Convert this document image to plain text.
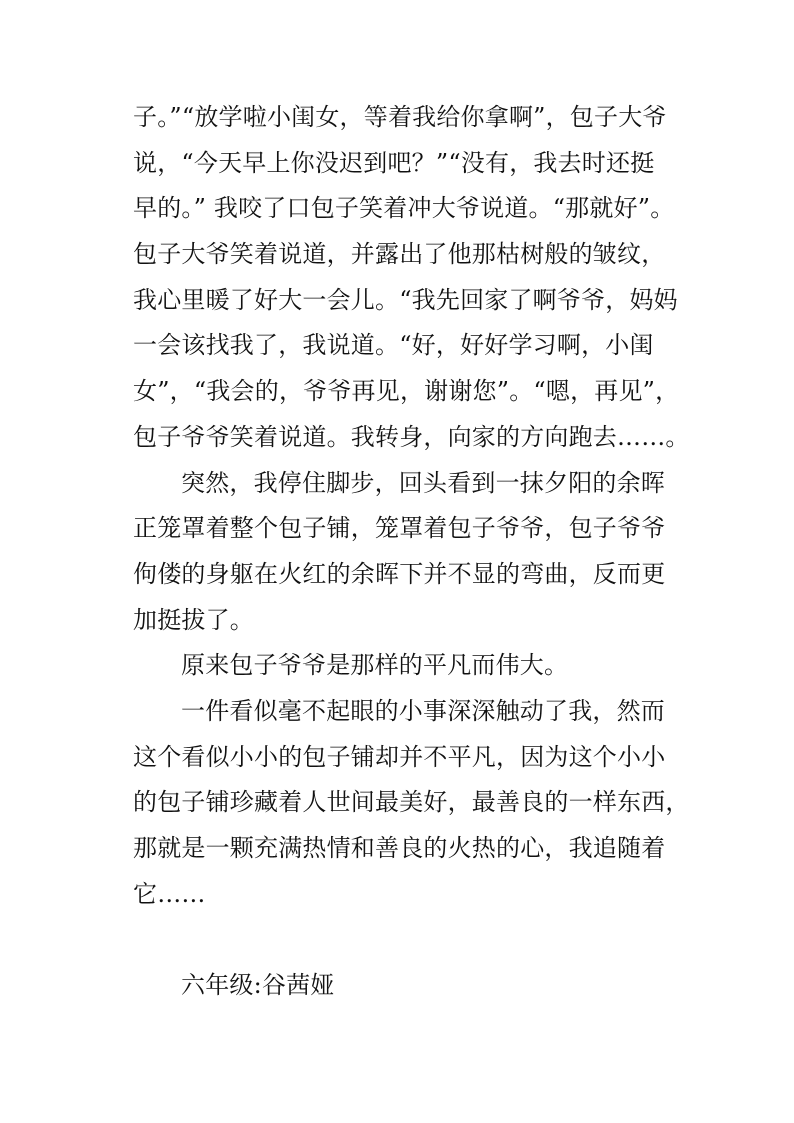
子。”“放学啦小闺女，等着我给你拿啊”，包子大爷
说，“今天早上你没迟到吧？”“没有，我去时还挺
早的。” 我咬了口包子笑着冲大爷说道。“那就好”。
包子大爷笑着说道，并露出了他那枯树般的皱纹，
我心里暖了好大一会儿。“我先回家了啊爷爷，妈妈
一会该找我了，我说道。“好，好好学习啊，小闺
女”，“我会的，爷爷再见，谢谢您”。“嗯，再见”，
包子爷爷笑着说道。我转身，向家的方向跑去……。
突然，我停住脚步，回头看到一抹夕阳的余晖
正笼罩着整个包子铺，笼罩着包子爷爷，包子爷爷
佝偻的身躯在火红的余晖下并不显的弯曲，反而更
加挺拔了。
原来包子爷爷是那样的平凡而伟大。
一件看似毫不起眼的小事深深触动了我，然而
这个看似小小的包子铺却并不平凡，因为这个小小
的包子铺珍藏着人世间最美好，最善良的一样东西，
那就是一颗充满热情和善良的火热的心，我追随着
它……
六年级:谷茜娅
